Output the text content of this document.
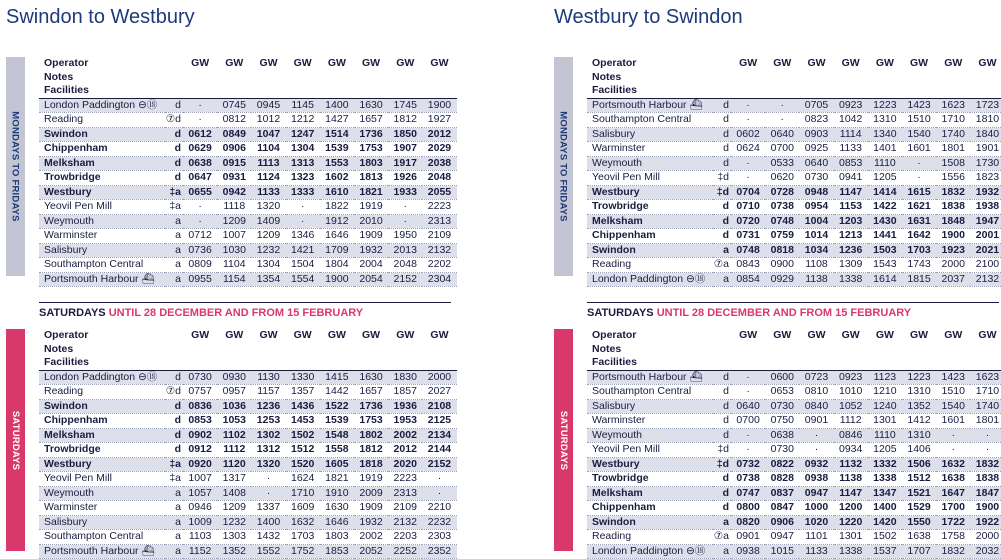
Swindon to Westbury	Westbury to Swindon
MONDAYS TO FRIDAYS
Operator		GW	GW	GW	GW	GW	GW	GW	GW
Notes									
Facilities									
London Paddington ⊖⑱	d	·	0745	0945	1145	1400	1630	1745	1900
Reading	⑦d	·	0812	1012	1212	1427	1657	1812	1927
Swindon	d	0612	0849	1047	1247	1514	1736	1850	2012
Chippenham	d	0629	0906	1104	1304	1539	1753	1907	2029
Melksham	d	0638	0915	1113	1313	1553	1803	1917	2038
Trowbridge	d	0647	0931	1124	1323	1602	1813	1926	2048
Westbury	‡a	0655	0942	1133	1333	1610	1821	1933	2055
Yeovil Pen Mill	‡a	·	1118	1320	·	1822	1919	·	2223
Weymouth	a	·	1209	1409	·	1912	2010	·	2313
Warminster	a	0712	1007	1209	1346	1646	1909	1950	2109
Salisbury	a	0736	1030	1232	1421	1709	1932	2013	2132
Southampton Central	a	0809	1104	1304	1504	1804	2004	2048	2202
Portsmouth Harbour ⛴	a	0955	1154	1354	1554	1900	2054	2152	2304
SATURDAYS UNTIL 28 DECEMBER AND FROM 15 FEBRUARY
SATURDAYS
Operator		GW	GW	GW	GW	GW	GW	GW	GW
Notes									
Facilities									
London Paddington ⊖⑱	d	0730	0930	1130	1330	1415	1630	1830	2000
Reading	⑦d	0757	0957	1157	1357	1442	1657	1857	2027
Swindon	d	0836	1036	1236	1436	1522	1736	1936	2108
Chippenham	d	0853	1053	1253	1453	1539	1753	1953	2125
Melksham	d	0902	1102	1302	1502	1548	1802	2002	2134
Trowbridge	d	0912	1112	1312	1512	1558	1812	2012	2144
Westbury	‡a	0920	1120	1320	1520	1605	1818	2020	2152
Yeovil Pen Mill	‡a	1007	1317	·	1624	1821	1919	2223	·
Weymouth	a	1057	1408	·	1710	1910	2009	2313	·
Warminster	a	0946	1209	1337	1609	1630	1909	2109	2210
Salisbury	a	1009	1232	1400	1632	1646	1932	2132	2232
Southampton Central	a	1103	1303	1432	1703	1803	2002	2203	2303
Portsmouth Harbour ⛴	a	1152	1352	1552	1752	1853	2052	2252	2352
MONDAYS TO FRIDAYS
Operator		GW	GW	GW	GW	GW	GW	GW	GW
Notes									
Facilities									
Portsmouth Harbour ⛴	d	·	·	0705	0923	1223	1423	1623	1723
Southampton Central	d	·	·	0823	1042	1310	1510	1710	1810
Salisbury	d	0602	0640	0903	1114	1340	1540	1740	1840
Warminster	d	0624	0700	0925	1133	1401	1601	1801	1901
Weymouth	d	·	0533	0640	0853	1110	·	1508	1730
Yeovil Pen Mill	‡d	·	0620	0730	0941	1205	·	1556	1823
Westbury	‡d	0704	0728	0948	1147	1414	1615	1832	1932
Trowbridge	d	0710	0738	0954	1153	1422	1621	1838	1938
Melksham	d	0720	0748	1004	1203	1430	1631	1848	1947
Chippenham	d	0731	0759	1014	1213	1441	1642	1900	2001
Swindon	a	0748	0818	1034	1236	1503	1703	1923	2021
Reading	⑦a	0843	0900	1108	1309	1543	1743	2000	2100
London Paddington ⊖⑱	a	0854	0929	1138	1338	1614	1815	2037	2132
SATURDAYS UNTIL 28 DECEMBER AND FROM 15 FEBRUARY
SATURDAYS
Operator		GW	GW	GW	GW	GW	GW	GW	GW
Notes									
Facilities									
Portsmouth Harbour ⛴	d	·	0600	0723	0923	1123	1223	1423	1623
Southampton Central	d	·	0653	0810	1010	1210	1310	1510	1710
Salisbury	d	0640	0730	0840	1052	1240	1352	1540	1740
Warminster	d	0700	0750	0901	1112	1301	1412	1601	1801
Weymouth	d	·	0638	·	0846	1110	1310	·	·
Yeovil Pen Mill	‡d	·	0730	·	0934	1205	1406	·	·
Westbury	‡d	0732	0822	0932	1132	1332	1506	1632	1832
Trowbridge	d	0738	0828	0938	1138	1338	1512	1638	1838
Melksham	d	0747	0837	0947	1147	1347	1521	1647	1847
Chippenham	d	0800	0847	1000	1200	1400	1529	1700	1900
Swindon	a	0820	0906	1020	1220	1420	1550	1722	1922
Reading	⑦a	0901	0947	1101	1301	1502	1638	1758	2000
London Paddington ⊖⑱	a	0938	1015	1133	1338	1537	1707	1832	2032
